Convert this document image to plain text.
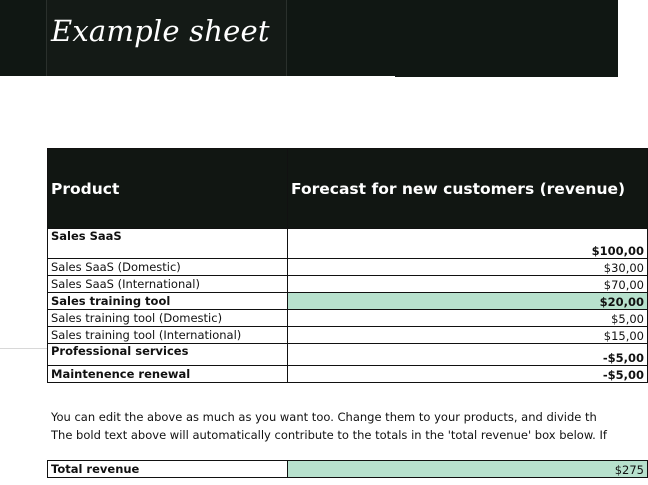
Example sheet
Product	Forecast for new customers (revenue)
Sales SaaS	$100,00
Sales SaaS (Domestic)	$30,00
Sales SaaS (International)	$70,00
Sales training tool	$20,00
Sales training tool (Domestic)	$5,00
Sales training tool (International)	$15,00
Professional services	-$5,00
Maintenence renewal	-$5,00
You can edit the above as much as you want too. Change them to your products, and divide th
The bold text above will automatically contribute to the totals in the 'total revenue' box below. If
Total revenue	$275
